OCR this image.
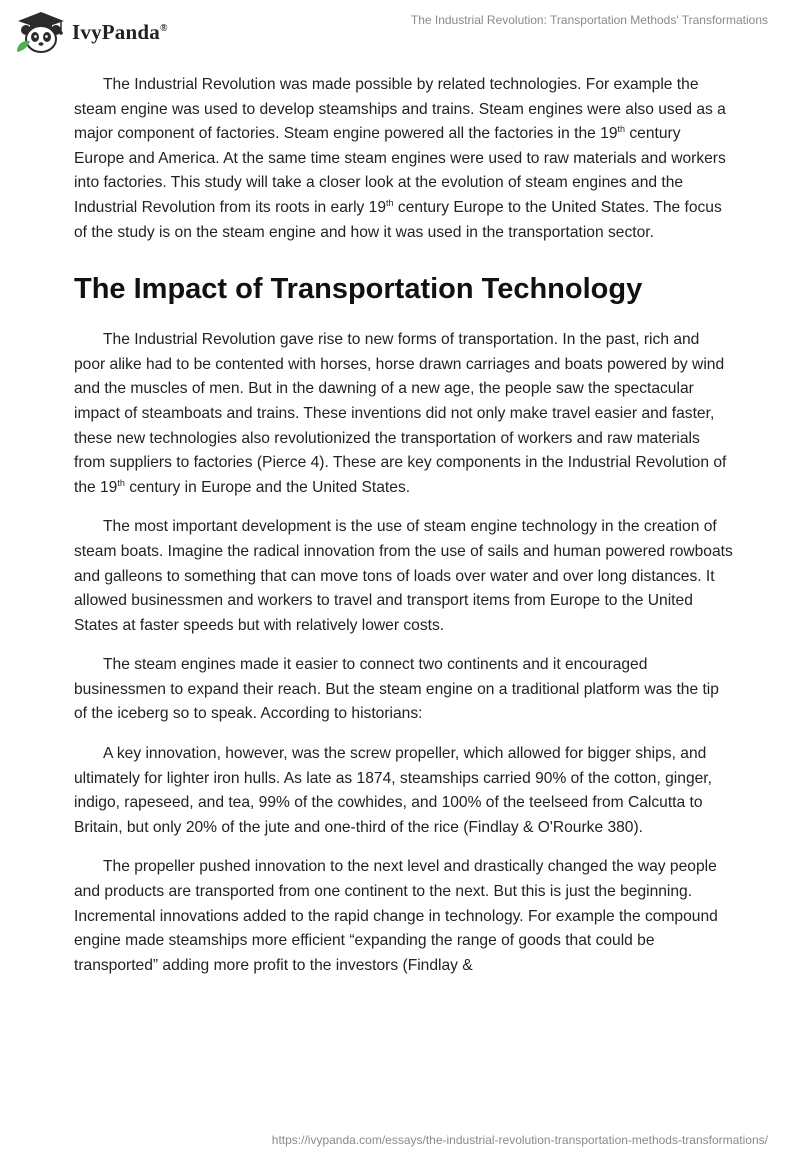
IvyPanda®
The Industrial Revolution: Transportation Methods' Transformations

The Industrial Revolution was made possible by related technologies. For example the steam engine was used to develop steamships and trains. Steam engines were also used as a major component of factories. Steam engine powered all the factories in the 19th century Europe and America. At the same time steam engines were used to raw materials and workers into factories. This study will take a closer look at the evolution of steam engines and the Industrial Revolution from its roots in early 19th century Europe to the United States. The focus of the study is on the steam engine and how it was used in the transportation sector.

The Impact of Transportation Technology

The Industrial Revolution gave rise to new forms of transportation. In the past, rich and poor alike had to be contented with horses, horse drawn carriages and boats powered by wind and the muscles of men. But in the dawning of a new age, the people saw the spectacular impact of steamboats and trains. These inventions did not only make travel easier and faster, these new technologies also revolutionized the transportation of workers and raw materials from suppliers to factories (Pierce 4). These are key components in the Industrial Revolution of the 19th century in Europe and the United States.

The most important development is the use of steam engine technology in the creation of steam boats. Imagine the radical innovation from the use of sails and human powered rowboats and galleons to something that can move tons of loads over water and over long distances. It allowed businessmen and workers to travel and transport items from Europe to the United States at faster speeds but with relatively lower costs.

The steam engines made it easier to connect two continents and it encouraged businessmen to expand their reach. But the steam engine on a traditional platform was the tip of the iceberg so to speak. According to historians:

A key innovation, however, was the screw propeller, which allowed for bigger ships, and ultimately for lighter iron hulls. As late as 1874, steamships carried 90% of the cotton, ginger, indigo, rapeseed, and tea, 99% of the cowhides, and 100% of the teelseed from Calcutta to Britain, but only 20% of the jute and one-third of the rice (Findlay & O'Rourke 380).

The propeller pushed innovation to the next level and drastically changed the way people and products are transported from one continent to the next. But this is just the beginning. Incremental innovations added to the rapid change in technology. For example the compound engine made steamships more efficient “expanding the range of goods that could be transported” adding more profit to the investors (Findlay &

https://ivypanda.com/essays/the-industrial-revolution-transportation-methods-transformations/
